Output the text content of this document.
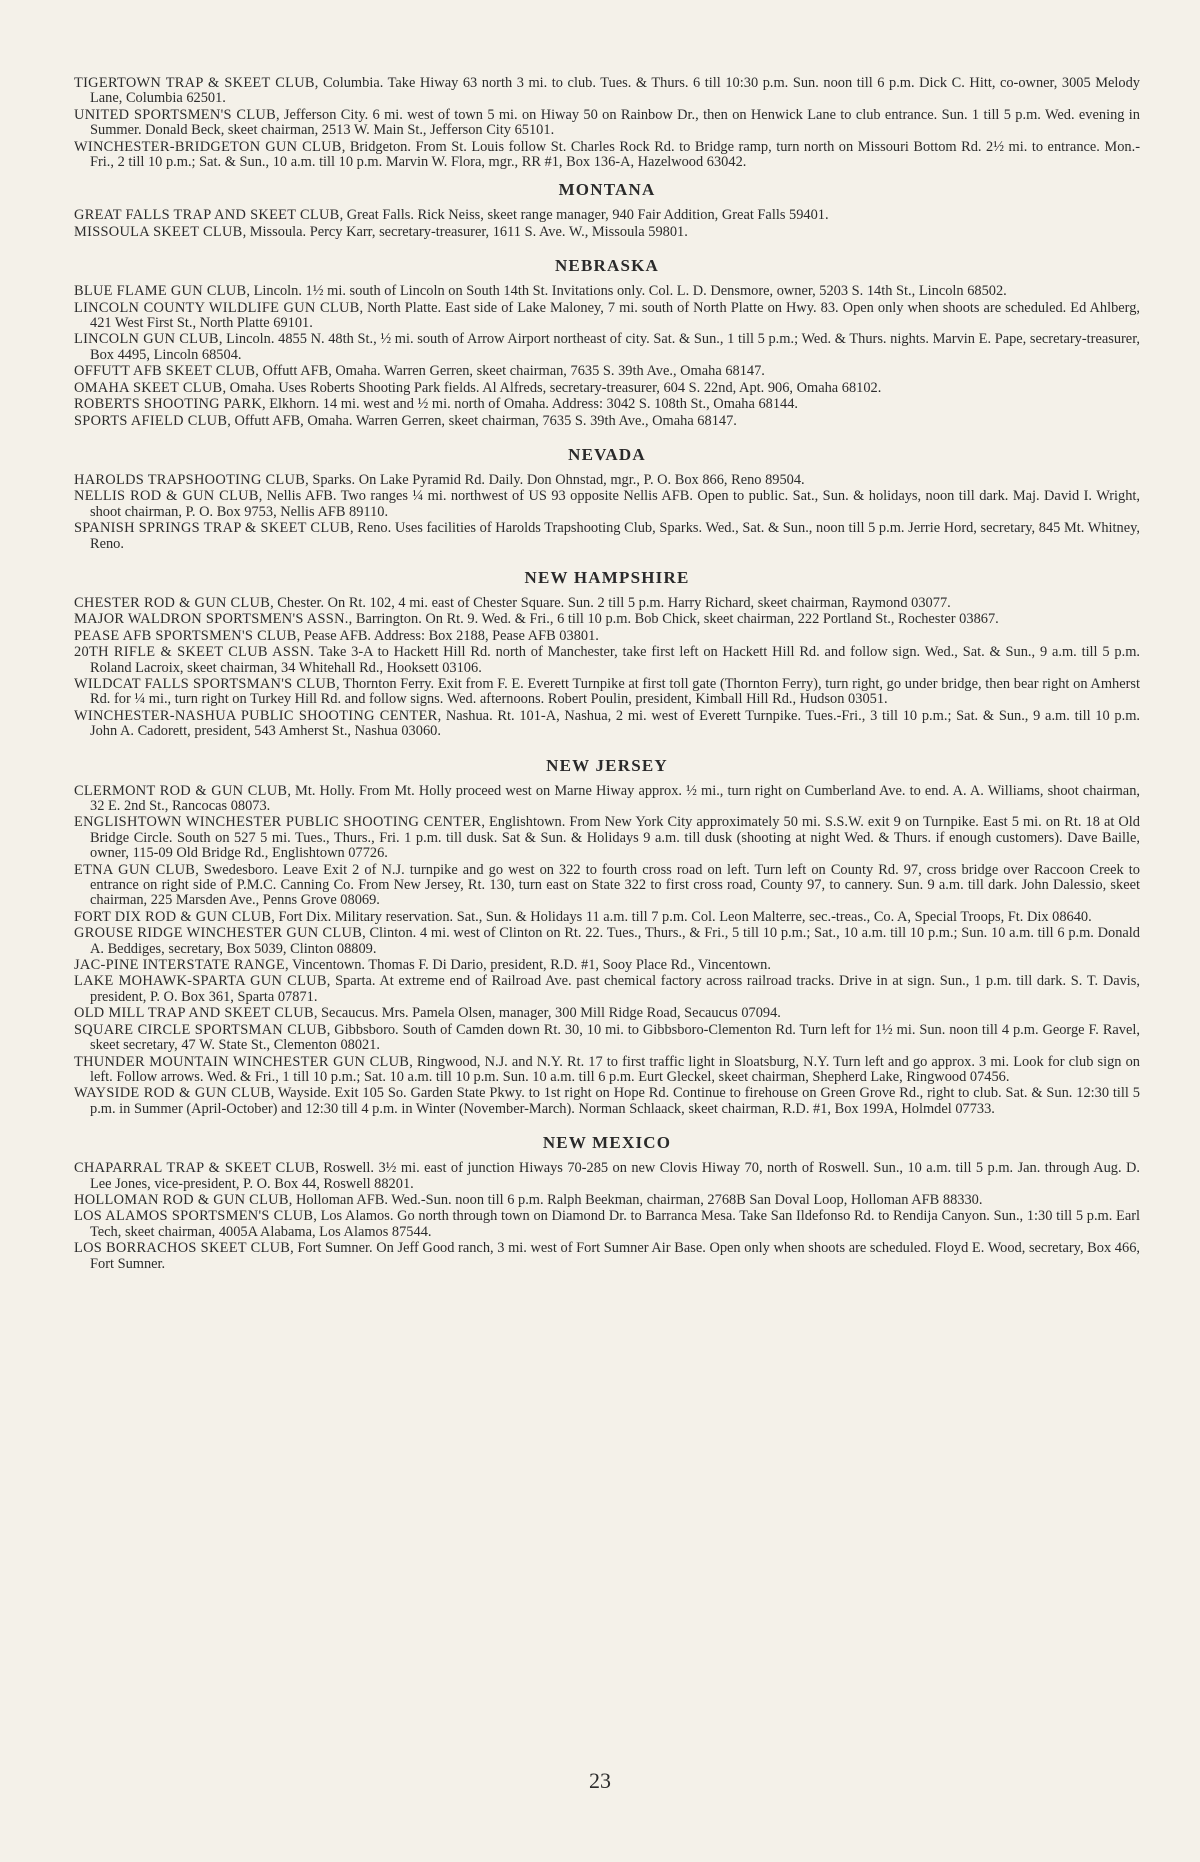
TIGERTOWN TRAP & SKEET CLUB, Columbia. Take Hiway 63 north 3 mi. to club. Tues. & Thurs. 6 till 10:30 p.m. Sun. noon till 6 p.m. Dick C. Hitt, co-owner, 3005 Melody Lane, Columbia 62501.
UNITED SPORTSMEN'S CLUB, Jefferson City. 6 mi. west of town 5 mi. on Hiway 50 on Rainbow Dr., then on Henwick Lane to club entrance. Sun. 1 till 5 p.m. Wed. evening in Summer. Donald Beck, skeet chairman, 2513 W. Main St., Jefferson City 65101.
WINCHESTER-BRIDGETON GUN CLUB, Bridgeton. From St. Louis follow St. Charles Rock Rd. to Bridge ramp, turn north on Missouri Bottom Rd. 2½ mi. to entrance. Mon.-Fri., 2 till 10 p.m.; Sat. & Sun., 10 a.m. till 10 p.m. Marvin W. Flora, mgr., RR #1, Box 136-A, Hazelwood 63042.
MONTANA
GREAT FALLS TRAP AND SKEET CLUB, Great Falls. Rick Neiss, skeet range manager, 940 Fair Addition, Great Falls 59401.
MISSOULA SKEET CLUB, Missoula. Percy Karr, secretary-treasurer, 1611 S. Ave. W., Missoula 59801.
NEBRASKA
BLUE FLAME GUN CLUB, Lincoln. 1½ mi. south of Lincoln on South 14th St. Invitations only. Col. L. D. Densmore, owner, 5203 S. 14th St., Lincoln 68502.
LINCOLN COUNTY WILDLIFE GUN CLUB, North Platte. East side of Lake Maloney, 7 mi. south of North Platte on Hwy. 83. Open only when shoots are scheduled. Ed Ahlberg, 421 West First St., North Platte 69101.
LINCOLN GUN CLUB, Lincoln. 4855 N. 48th St., ½ mi. south of Arrow Airport northeast of city. Sat. & Sun., 1 till 5 p.m.; Wed. & Thurs. nights. Marvin E. Pape, secretary-treasurer, Box 4495, Lincoln 68504.
OFFUTT AFB SKEET CLUB, Offutt AFB, Omaha. Warren Gerren, skeet chairman, 7635 S. 39th Ave., Omaha 68147.
OMAHA SKEET CLUB, Omaha. Uses Roberts Shooting Park fields. Al Alfreds, secretary-treasurer, 604 S. 22nd, Apt. 906, Omaha 68102.
ROBERTS SHOOTING PARK, Elkhorn. 14 mi. west and ½ mi. north of Omaha. Address: 3042 S. 108th St., Omaha 68144.
SPORTS AFIELD CLUB, Offutt AFB, Omaha. Warren Gerren, skeet chairman, 7635 S. 39th Ave., Omaha 68147.
NEVADA
HAROLDS TRAPSHOOTING CLUB, Sparks. On Lake Pyramid Rd. Daily. Don Ohnstad, mgr., P. O. Box 866, Reno 89504.
NELLIS ROD & GUN CLUB, Nellis AFB. Two ranges ¼ mi. northwest of US 93 opposite Nellis AFB. Open to public. Sat., Sun. & holidays, noon till dark. Maj. David I. Wright, shoot chairman, P. O. Box 9753, Nellis AFB 89110.
SPANISH SPRINGS TRAP & SKEET CLUB, Reno. Uses facilities of Harolds Trapshooting Club, Sparks. Wed., Sat. & Sun., noon till 5 p.m. Jerrie Hord, secretary, 845 Mt. Whitney, Reno.
NEW HAMPSHIRE
CHESTER ROD & GUN CLUB, Chester. On Rt. 102, 4 mi. east of Chester Square. Sun. 2 till 5 p.m. Harry Richard, skeet chairman, Raymond 03077.
MAJOR WALDRON SPORTSMEN'S ASSN., Barrington. On Rt. 9. Wed. & Fri., 6 till 10 p.m. Bob Chick, skeet chairman, 222 Portland St., Rochester 03867.
PEASE AFB SPORTSMEN'S CLUB, Pease AFB. Address: Box 2188, Pease AFB 03801.
20TH RIFLE & SKEET CLUB ASSN. Take 3-A to Hackett Hill Rd. north of Manchester, take first left on Hackett Hill Rd. and follow sign. Wed., Sat. & Sun., 9 a.m. till 5 p.m. Roland Lacroix, skeet chairman, 34 Whitehall Rd., Hooksett 03106.
WILDCAT FALLS SPORTSMAN'S CLUB, Thornton Ferry. Exit from F. E. Everett Turnpike at first toll gate (Thornton Ferry), turn right, go under bridge, then bear right on Amherst Rd. for ¼ mi., turn right on Turkey Hill Rd. and follow signs. Wed. afternoons. Robert Poulin, president, Kimball Hill Rd., Hudson 03051.
WINCHESTER-NASHUA PUBLIC SHOOTING CENTER, Nashua. Rt. 101-A, Nashua, 2 mi. west of Everett Turnpike. Tues.-Fri., 3 till 10 p.m.; Sat. & Sun., 9 a.m. till 10 p.m. John A. Cadorett, president, 543 Amherst St., Nashua 03060.
NEW JERSEY
CLERMONT ROD & GUN CLUB, Mt. Holly. From Mt. Holly proceed west on Marne Hiway approx. ½ mi., turn right on Cumberland Ave. to end. A. A. Williams, shoot chairman, 32 E. 2nd St., Rancocas 08073.
ENGLISHTOWN WINCHESTER PUBLIC SHOOTING CENTER, Englishtown. From New York City approximately 50 mi. S.S.W. exit 9 on Turnpike. East 5 mi. on Rt. 18 at Old Bridge Circle. South on 527 5 mi. Tues., Thurs., Fri. 1 p.m. till dusk. Sat & Sun. & Holidays 9 a.m. till dusk (shooting at night Wed. & Thurs. if enough customers). Dave Baille, owner, 115-09 Old Bridge Rd., Englishtown 07726.
ETNA GUN CLUB, Swedesboro. Leave Exit 2 of N.J. turnpike and go west on 322 to fourth cross road on left. Turn left on County Rd. 97, cross bridge over Raccoon Creek to entrance on right side of P.M.C. Canning Co. From New Jersey, Rt. 130, turn east on State 322 to first cross road, County 97, to cannery. Sun. 9 a.m. till dark. John Dalessio, skeet chairman, 225 Marsden Ave., Penns Grove 08069.
FORT DIX ROD & GUN CLUB, Fort Dix. Military reservation. Sat., Sun. & Holidays 11 a.m. till 7 p.m. Col. Leon Malterre, sec.-treas., Co. A, Special Troops, Ft. Dix 08640.
GROUSE RIDGE WINCHESTER GUN CLUB, Clinton. 4 mi. west of Clinton on Rt. 22. Tues., Thurs., & Fri., 5 till 10 p.m.; Sat., 10 a.m. till 10 p.m.; Sun. 10 a.m. till 6 p.m. Donald A. Beddiges, secretary, Box 5039, Clinton 08809.
JAC-PINE INTERSTATE RANGE, Vincentown. Thomas F. Di Dario, president, R.D. #1, Sooy Place Rd., Vincentown.
LAKE MOHAWK-SPARTA GUN CLUB, Sparta. At extreme end of Railroad Ave. past chemical factory across railroad tracks. Drive in at sign. Sun., 1 p.m. till dark. S. T. Davis, president, P. O. Box 361, Sparta 07871.
OLD MILL TRAP AND SKEET CLUB, Secaucus. Mrs. Pamela Olsen, manager, 300 Mill Ridge Road, Secaucus 07094.
SQUARE CIRCLE SPORTSMAN CLUB, Gibbsboro. South of Camden down Rt. 30, 10 mi. to Gibbsboro-Clementon Rd. Turn left for 1½ mi. Sun. noon till 4 p.m. George F. Ravel, skeet secretary, 47 W. State St., Clementon 08021.
THUNDER MOUNTAIN WINCHESTER GUN CLUB, Ringwood, N.J. and N.Y. Rt. 17 to first traffic light in Sloatsburg, N.Y. Turn left and go approx. 3 mi. Look for club sign on left. Follow arrows. Wed. & Fri., 1 till 10 p.m.; Sat. 10 a.m. till 10 p.m. Sun. 10 a.m. till 6 p.m. Eurt Gleckel, skeet chairman, Shepherd Lake, Ringwood 07456.
WAYSIDE ROD & GUN CLUB, Wayside. Exit 105 So. Garden State Pkwy. to 1st right on Hope Rd. Continue to firehouse on Green Grove Rd., right to club. Sat. & Sun. 12:30 till 5 p.m. in Summer (April-October) and 12:30 till 4 p.m. in Winter (November-March). Norman Schlaack, skeet chairman, R.D. #1, Box 199A, Holmdel 07733.
NEW MEXICO
CHAPARRAL TRAP & SKEET CLUB, Roswell. 3½ mi. east of junction Hiways 70-285 on new Clovis Hiway 70, north of Roswell. Sun., 10 a.m. till 5 p.m. Jan. through Aug. D. Lee Jones, vice-president, P. O. Box 44, Roswell 88201.
HOLLOMAN ROD & GUN CLUB, Holloman AFB. Wed.-Sun. noon till 6 p.m. Ralph Beekman, chairman, 2768B San Doval Loop, Holloman AFB 88330.
LOS ALAMOS SPORTSMEN'S CLUB, Los Alamos. Go north through town on Diamond Dr. to Barranca Mesa. Take San Ildefonso Rd. to Rendija Canyon. Sun., 1:30 till 5 p.m. Earl Tech, skeet chairman, 4005A Alabama, Los Alamos 87544.
LOS BORRACHOS SKEET CLUB, Fort Sumner. On Jeff Good ranch, 3 mi. west of Fort Sumner Air Base. Open only when shoots are scheduled. Floyd E. Wood, secretary, Box 466, Fort Sumner.
23
